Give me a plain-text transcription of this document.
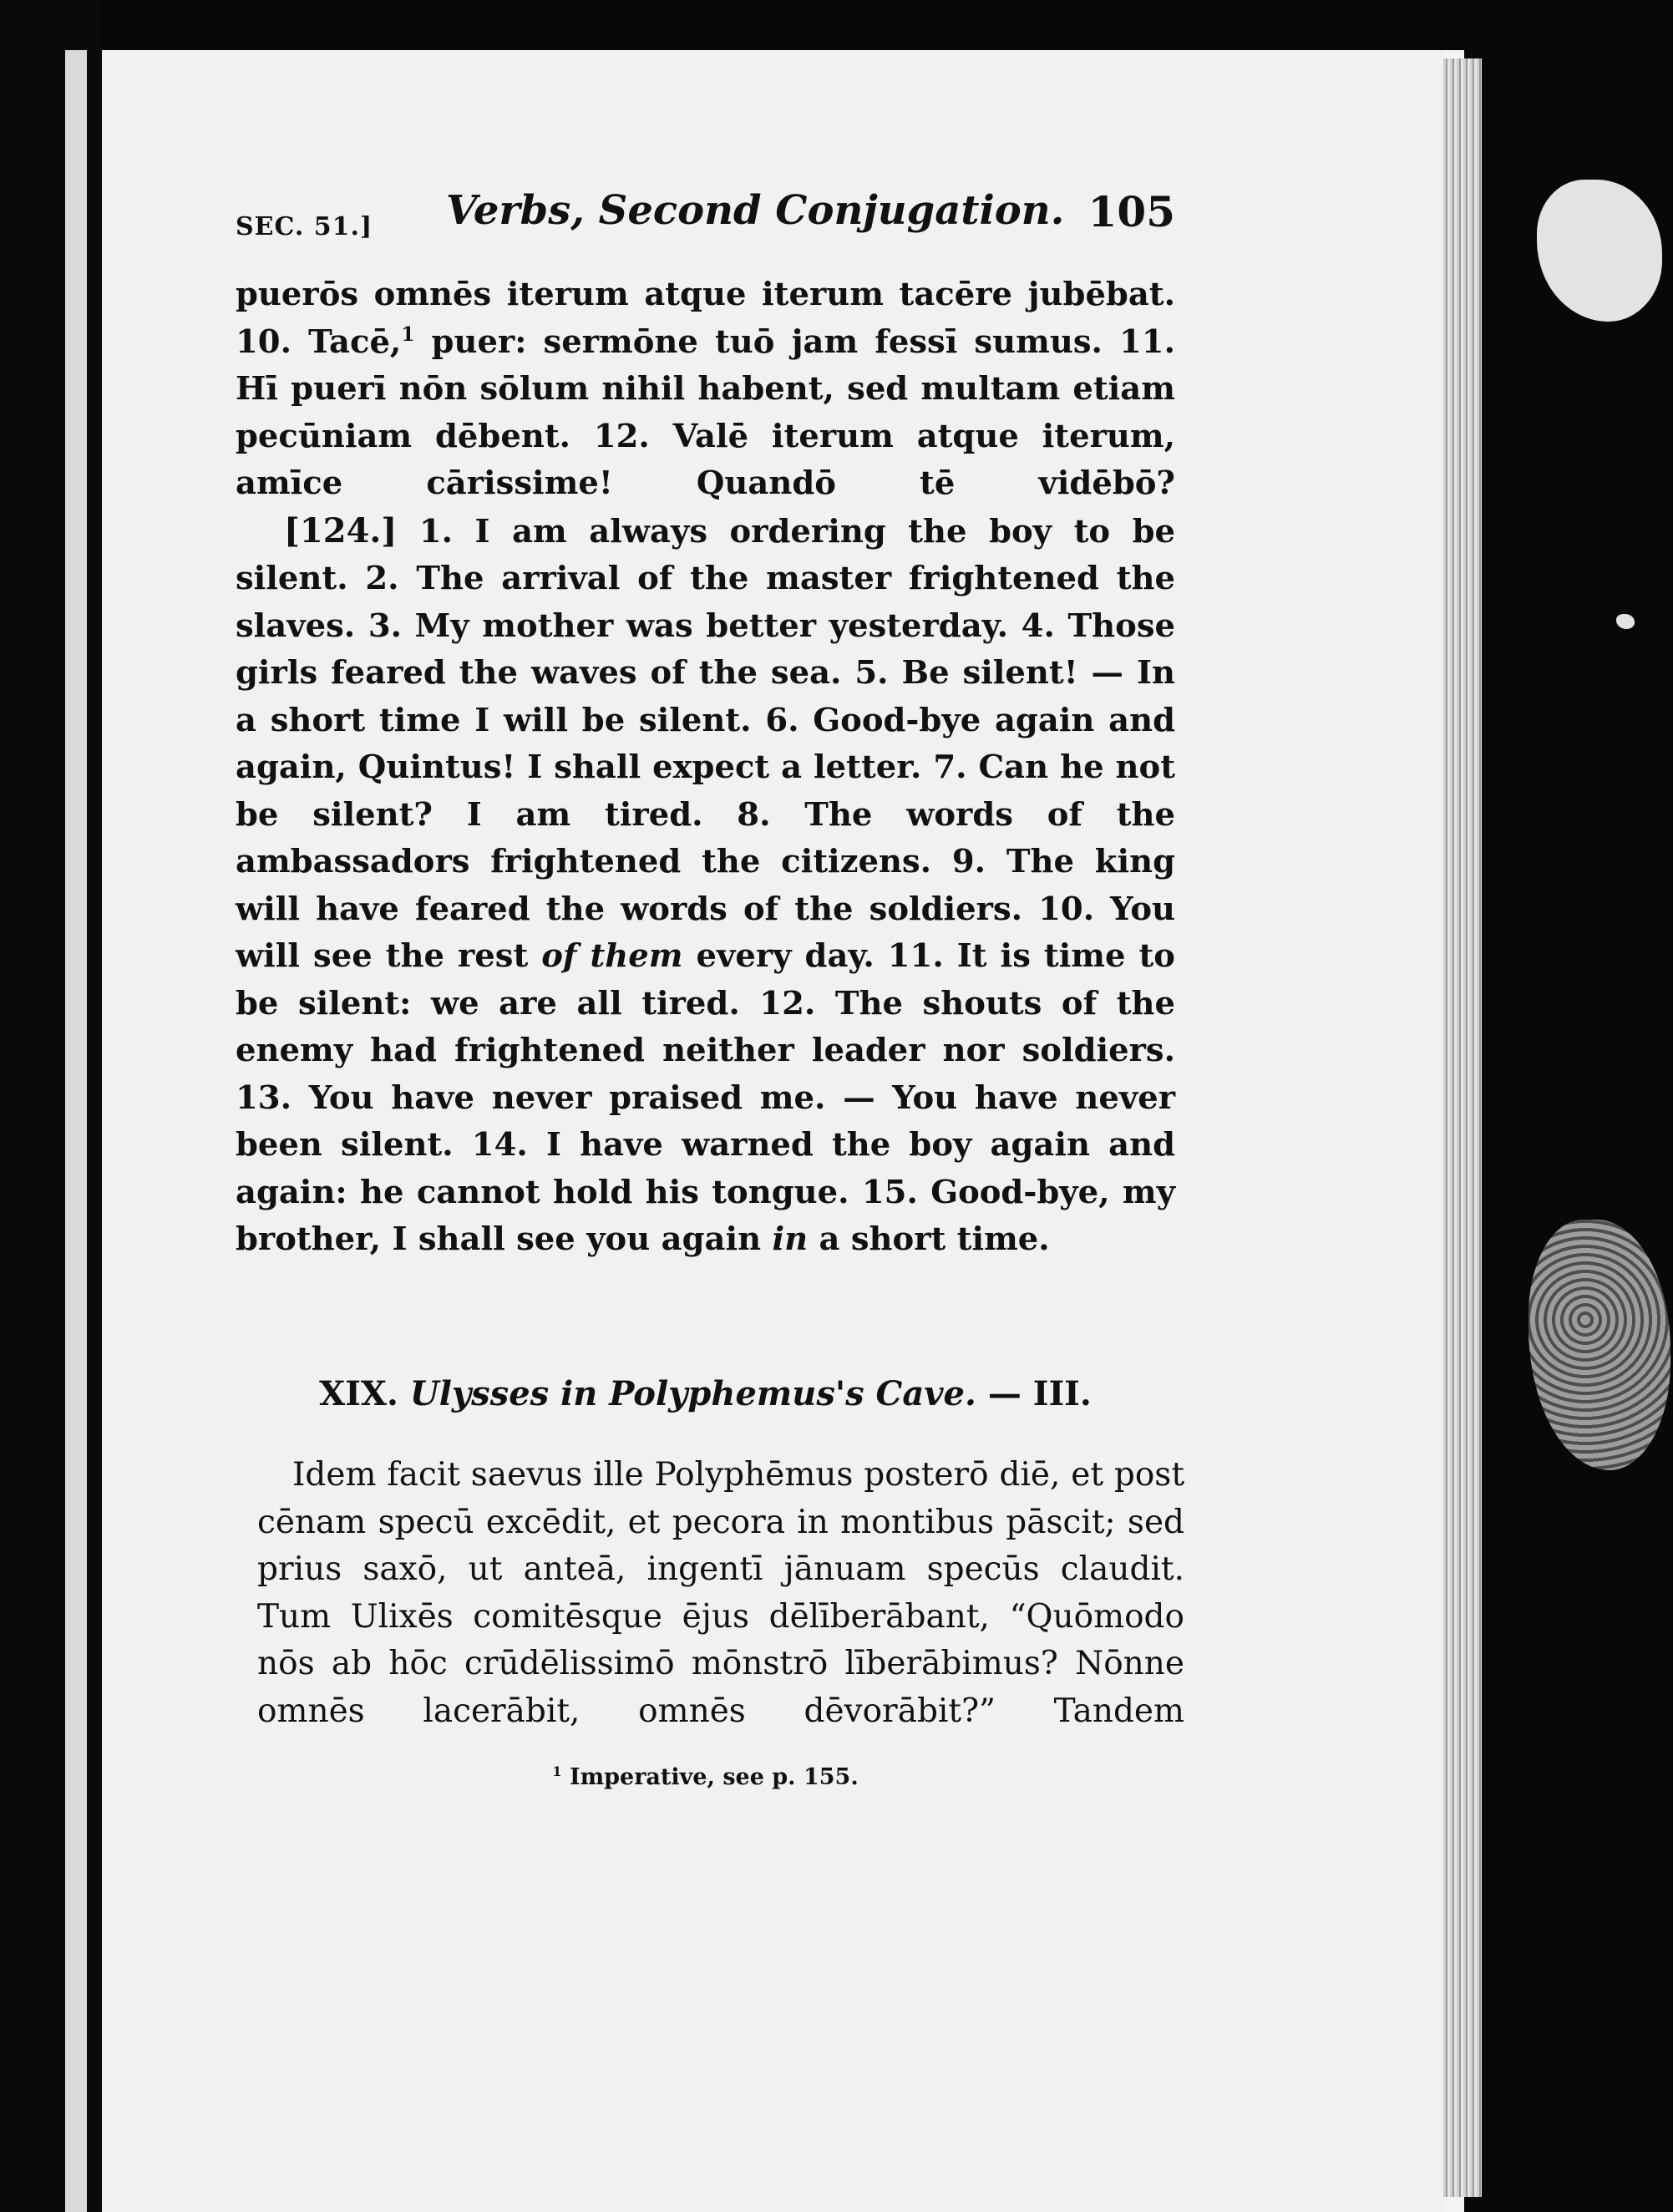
SEC. 51.] Verbs, Second Conjugation. 105

puerōs omnēs iterum atque iterum tacēre jubēbat. 10. Tacē,$^1$ puer: sermōne tuō jam fessī sumus. 11. Hī puerī nōn sōlum nihil habent, sed multam etiam pecūniam dēbent. 12. Valē iterum atque iterum, amīce cārissime! Quandō tē vidēbō?

[124.] 1. I am always ordering the boy to be silent. 2. The arrival of the master frightened the slaves. 3. My mother was better yesterday. 4. Those girls feared the waves of the sea. 5. Be silent! — In a short time I will be silent. 6. Good-bye again and again, Quintus! I shall expect a letter. 7. Can he not be silent? I am tired. 8. The words of the ambassadors frightened the citizens. 9. The king will have feared the words of the soldiers. 10. You will see the rest of them every day. 11. It is time to be silent: we are all tired. 12. The shouts of the enemy had frightened neither leader nor soldiers. 13. You have never praised me. — You have never been silent. 14. I have warned the boy again and again: he cannot hold his tongue. 15. Good-bye, my brother, I shall see you again in a short time.

XIX. Ulysses in Polyphemus's Cave. — III.

Idem facit saevus ille Polyphēmus posterō diē, et post cēnam specū excēdit, et pecora in montibus pāscit; sed prius saxō, ut anteā, ingentī jānuam specūs claudit. Tum Ulixēs comitēsque ējus dēlīberābant, “Quōmodo nōs ab hōc crūdēlissimō mōnstrō līberābimus? Nōnne omnēs lacerābit, omnēs dēvorābit?” Tandem

$^1$ Imperative, see p. 155.
